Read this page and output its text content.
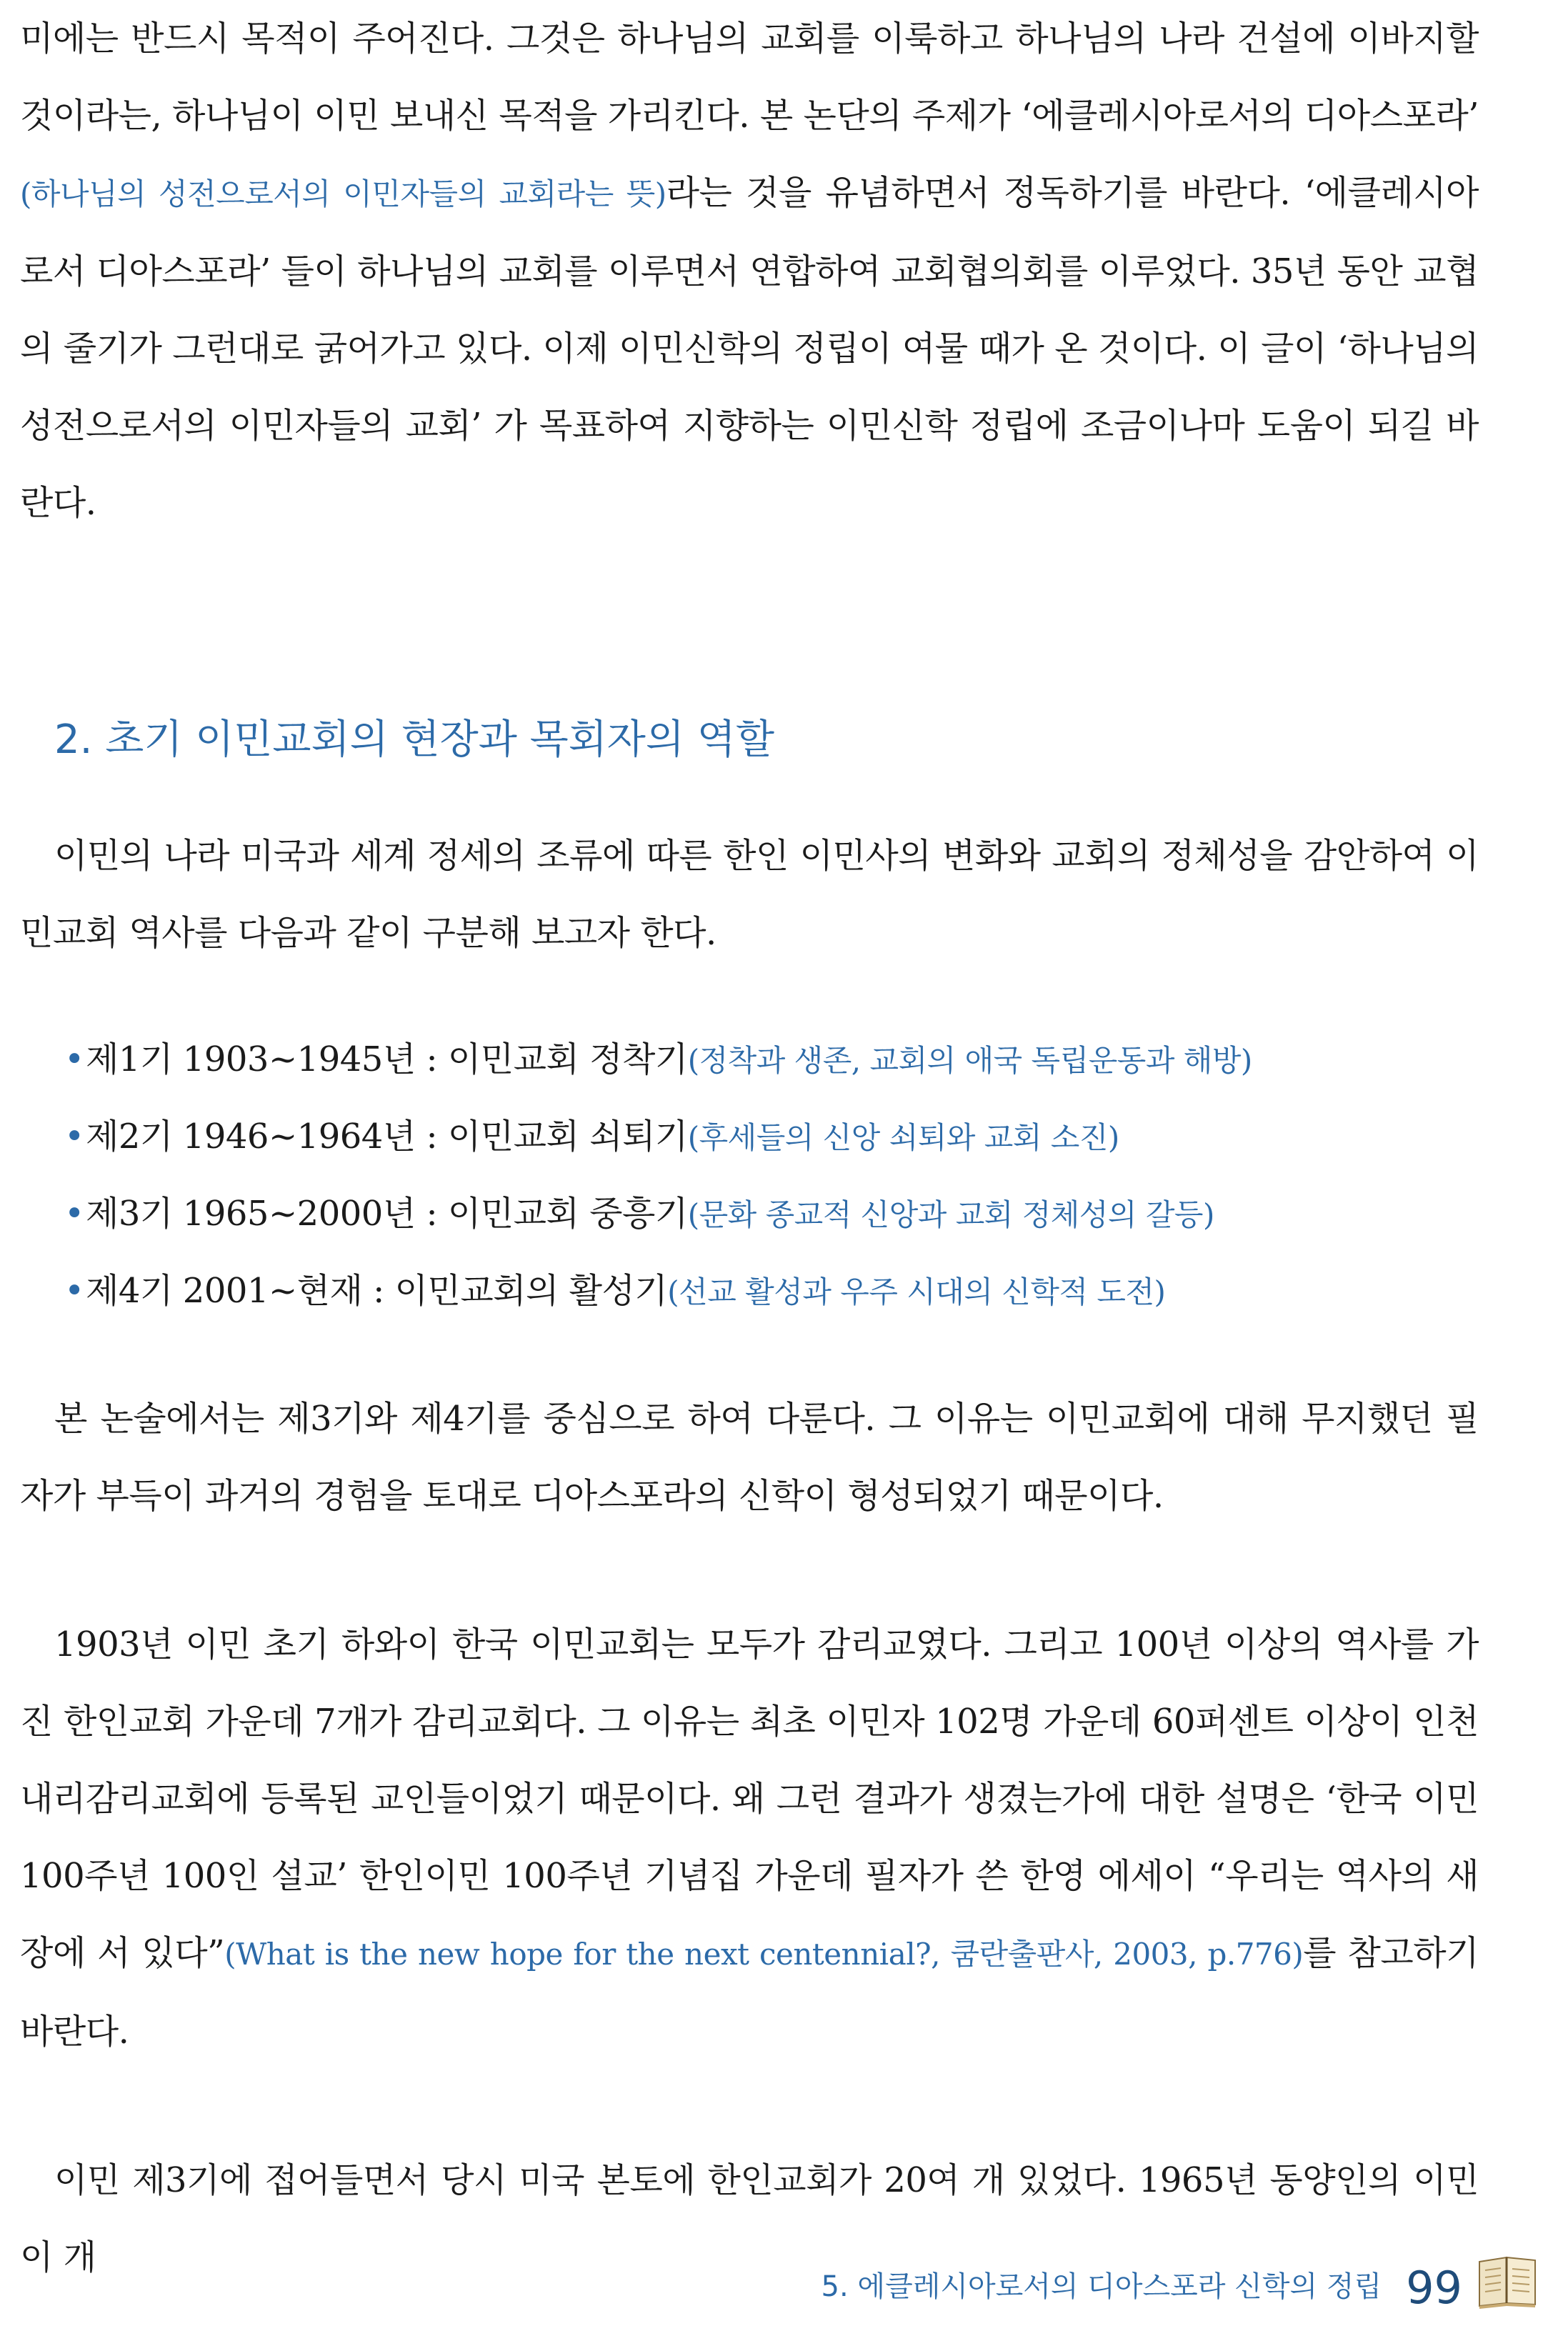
미에는 반드시 목적이 주어진다. 그것은 하나님의 교회를 이룩하고 하나님의 나라 건설에 이바지할 것이라는, 하나님이 이민 보내신 목적을 가리킨다. 본 논단의 주제가 ‘에클레시아로서의 디아스포라’ (하나님의 성전으로서의 이민자들의 교회라는 뜻)라는 것을 유념하면서 정독하기를 바란다. ‘에클레시아로서 디아스포라’ 들이 하나님의 교회를 이루면서 연합하여 교회협의회를 이루었다. 35년 동안 교협의 줄기가 그런대로 굵어가고 있다. 이제 이민신학의 정립이 여물 때가 온 것이다. 이 글이 ‘하나님의 성전으로서의 이민자들의 교회’ 가 목표하여 지향하는 이민신학 정립에 조금이나마 도움이 되길 바란다.

2. 초기 이민교회의 현장과 목회자의 역할

이민의 나라 미국과 세계 정세의 조류에 따른 한인 이민사의 변화와 교회의 정체성을 감안하여 이민교회 역사를 다음과 같이 구분해 보고자 한다.

• 제1기 1903~1945년 : 이민교회 정착기(정착과 생존, 교회의 애국 독립운동과 해방)
• 제2기 1946~1964년 : 이민교회 쇠퇴기(후세들의 신앙 쇠퇴와 교회 소진)
• 제3기 1965~2000년 : 이민교회 중흥기(문화 종교적 신앙과 교회 정체성의 갈등)
• 제4기 2001~현재 : 이민교회의 활성기(선교 활성과 우주 시대의 신학적 도전)

본 논술에서는 제3기와 제4기를 중심으로 하여 다룬다. 그 이유는 이민교회에 대해 무지했던 필자가 부득이 과거의 경험을 토대로 디아스포라의 신학이 형성되었기 때문이다.

1903년 이민 초기 하와이 한국 이민교회는 모두가 감리교였다. 그리고 100년 이상의 역사를 가진 한인교회 가운데 7개가 감리교회다. 그 이유는 최초 이민자 102명 가운데 60퍼센트 이상이 인천 내리감리교회에 등록된 교인들이었기 때문이다. 왜 그런 결과가 생겼는가에 대한 설명은 ‘한국 이민 100주년 100인 설교’ 한인이민 100주년 기념집 가운데 필자가 쓴 한영 에세이 “우리는 역사의 새 장에 서 있다”(What is the new hope for the next centennial?, 쿰란출판사, 2003, p.776)를 참고하기 바란다.

이민 제3기에 접어들면서 당시 미국 본토에 한인교회가 20여 개 있었다. 1965년 동양인의 이민이 개

5. 에클레시아로서의 디아스포라 신학의 정립 99
